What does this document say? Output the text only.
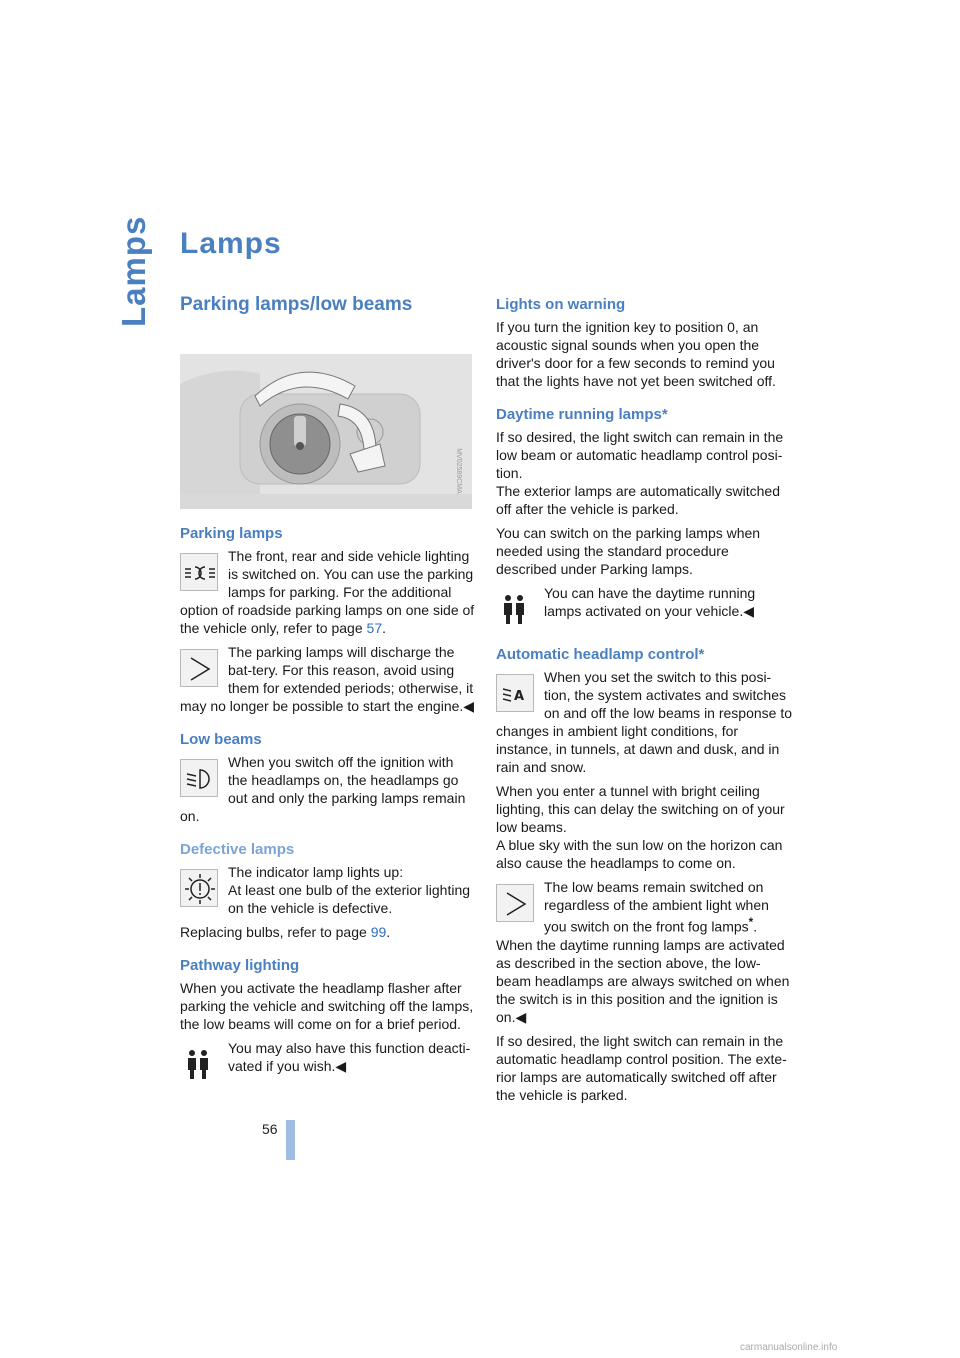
Lamps Lamps
Parking lamps/low beams
MV02589CMA
Parking lamps
The front, rear and side vehicle lighting is switched on. You can use the parking lamps for parking. For the additional option of roadside parking lamps on one side of the vehicle only, refer to page 57.
The parking lamps will discharge the bat-tery. For this reason, avoid using them for extended periods; otherwise, it may no longer be possible to start the engine.◀
Low beams
When you switch off the ignition with the headlamps on, the headlamps go out and only the parking lamps remain on.
Defective lamps
The indicator lamp lights up:
At least one bulb of the exterior lighting on the vehicle is defective.

Replacing bulbs, refer to page 99.

Pathway lighting

When you activate the headlamp flasher after parking the vehicle and switching off the lamps, the low beams will come on for a brief period.

You may also have this function deacti-vated if you wish.◀
Lights on warning

If you turn the ignition key to position 0, an acoustic signal sounds when you open the driver's door for a few seconds to remind you that the lights have not yet been switched off.

Daytime running lamps*

If so desired, the light switch can remain in the low beam or automatic headlamp control posi-tion.

The exterior lamps are automatically switched off after the vehicle is parked.

You can switch on the parking lamps when needed using the standard procedure described under Parking lamps.

You can have the daytime running lamps activated on your vehicle.◀
Automatic headlamp control*
A
When you set the switch to this posi-tion, the system activates and switches on and off the low beams in response to changes in ambient light conditions, for instance, in tunnels, at dawn and dusk, and in rain and snow.

When you enter a tunnel with bright ceiling lighting, this can delay the switching on of your low beams.

A blue sky with the sun low on the horizon can also cause the headlamps to come on.

The low beams remain switched on regardless of the ambient light when you switch on the front fog lamps*.
When the daytime running lamps are activated as described in the section above, the low-beam headlamps are always switched on when the switch is in this position and the ignition is on.◀

If so desired, the light switch can remain in the automatic headlamp control position. The exte-rior lamps are automatically switched off after the vehicle is parked.

56
carmanualsonline.info
